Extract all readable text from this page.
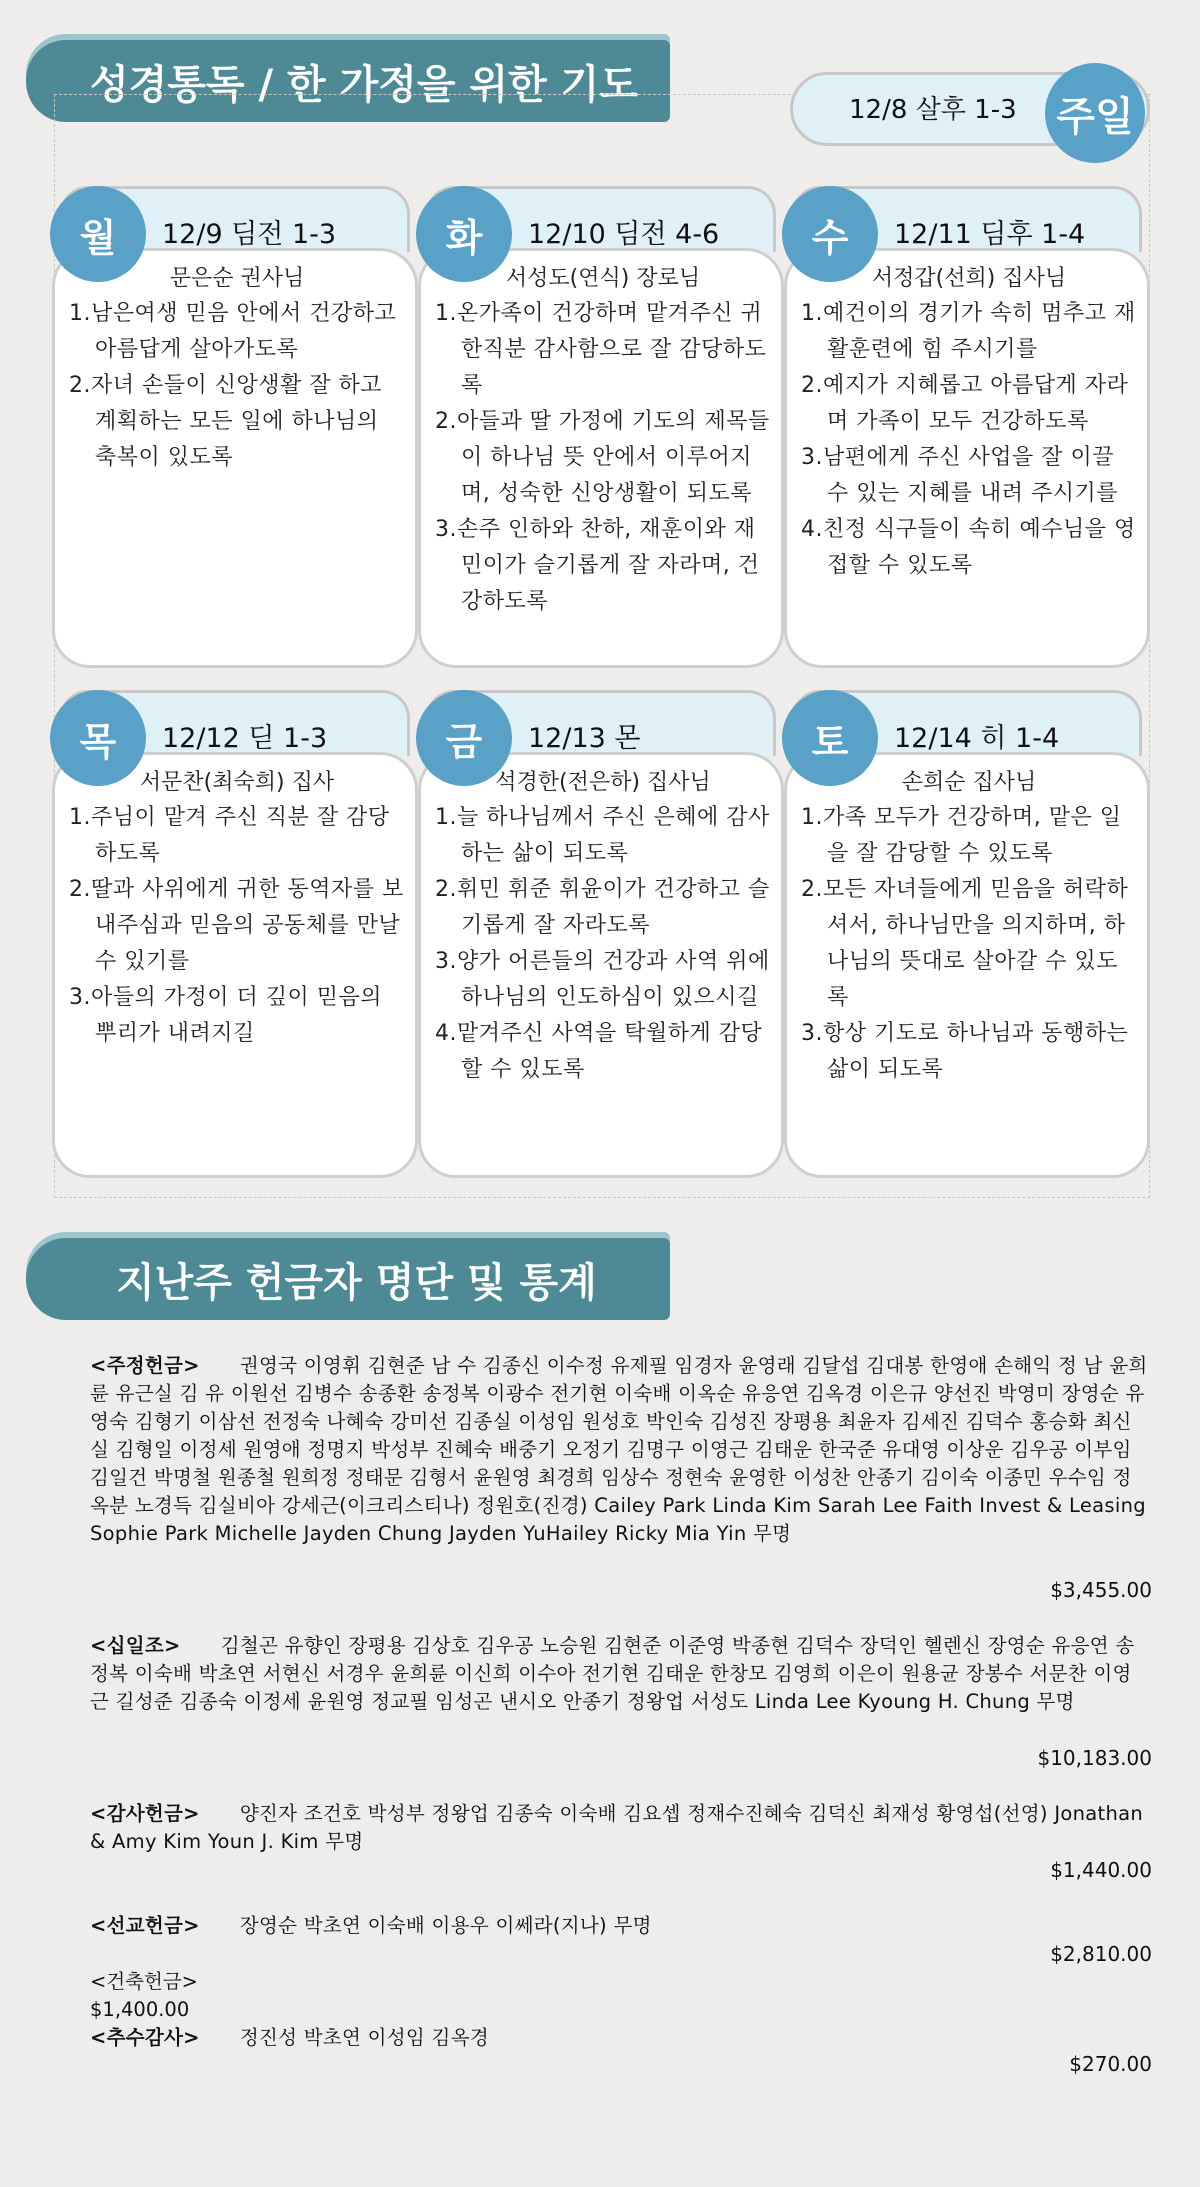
성경통독 / 한 가정을 위한 기도
12/8 살후 1-3 주일
문은순 권사님
1.남은여생 믿음 안에서 건강하고 아름답게 살아가도록
2.자녀 손들이 신앙생활 잘 하고 계획하는 모든 일에 하나님의 축복이 있도록
월	12/9 딤전 1-3
서성도(연식) 장로님
1.온가족이 건강하며 맡겨주신 귀한직분 감사함으로 잘 감당하도록
2.아들과 딸 가정에 기도의 제목들이 하나님 뜻 안에서 이루어지며, 성숙한 신앙생활이 되도록
3.손주 인하와 찬하, 재훈이와 재민이가 슬기롭게 잘 자라며, 건강하도록
화	12/10 딤전 4-6
서정갑(선희) 집사님
1.예건이의 경기가 속히 멈추고 재활훈련에 힘 주시기를
2.예지가 지혜롭고 아름답게 자라며 가족이 모두 건강하도록
3.남편에게 주신 사업을 잘 이끌 수 있는 지혜를 내려 주시기를
4.친정 식구들이 속히 예수님을 영접할 수 있도록
수	12/11 딤후 1-4
서문찬(최숙희) 집사
1.주님이 맡겨 주신 직분 잘 감당하도록
2.딸과 사위에게 귀한 동역자를 보내주심과 믿음의 공동체를 만날수 있기를
3.아들의 가정이 더 깊이 믿음의 뿌리가 내려지길
목	12/12 딛 1-3
석경한(전은하) 집사님
1.늘 하나님께서 주신 은혜에 감사하는 삶이 되도록
2.휘민 휘준 휘윤이가 건강하고 슬기롭게 잘 자라도록
3.양가 어른들의 건강과 사역 위에 하나님의 인도하심이 있으시길
4.맡겨주신 사역을 탁월하게 감당할 수 있도록
금	12/13 몬
손희순 집사님
1.가족 모두가 건강하며, 맡은 일을 잘 감당할 수 있도록
2.모든 자녀들에게 믿음을 허락하셔서, 하나님만을 의지하며, 하나님의 뜻대로 살아갈 수 있도록
3.항상 기도로 하나님과 동행하는 삶이 되도록
토	12/14 히 1-4
지난주 헌금자 명단 및 통계
<주정헌금> 권영국 이영휘 김현준 남 수 김종신 이수정 유제필 임경자 윤영래 김달섭 김대봉 한영애 손해익 정 남 윤희륜 유근실 김 유 이원선 김병수 송종환 송정복 이광수 전기현 이숙배 이옥순 유응연 김옥경 이은규 양선진 박영미 장영순 유영숙 김형기 이삼선 전정숙 나혜숙 강미선 김종실 이성임 원성호 박인숙 김성진 장평용 최윤자 김세진 김덕수 홍승화 최신실 김형일 이정세 원영애 정명지 박성부 진혜숙 배중기 오정기 김명구 이영근 김태운 한국준 유대영 이상운 김우공 이부임 김일건 박명철 원종철 원희정 정태문 김형서 윤원영 최경희 임상수 정현숙 윤영한 이성찬 안종기 김이숙 이종민 우수임 정옥분 노경득 김실비아 강세근(이크리스티나) 정원호(진경) Cailey Park Linda Kim Sarah Lee Faith Invest & Leasing Sophie Park Michelle Jayden Chung Jayden YuHailey Ricky Mia Yin 무명
$3,455.00
<십일조> 김철곤 유향인 장평용 김상호 김우공 노승원 김현준 이준영 박종현 김덕수 장덕인 헬렌신 장영순 유응연 송정복 이숙배 박초연 서현신 서경우 윤희륜 이신희 이수아 전기현 김태운 한창모 김영희 이은이 원용균 장봉수 서문찬 이영근 길성준 김종숙 이정세 윤원영 정교필 임성곤 낸시오 안종기 정왕업 서성도 Linda Lee Kyoung H. Chung 무명
$10,183.00
<감사헌금> 양진자 조건호 박성부 정왕업 김종숙 이숙배 김요셉 정재수진혜숙 김덕신 최재성 황영섭(선영) Jonathan & Amy Kim Youn J. Kim 무명
$1,440.00
<선교헌금> 장영순 박초연 이숙배 이용우 이쎄라(지나) 무명
$2,810.00
<건축헌금>
$1,400.00
<추수감사> 정진성 박초연 이성임 김옥경
$270.00
